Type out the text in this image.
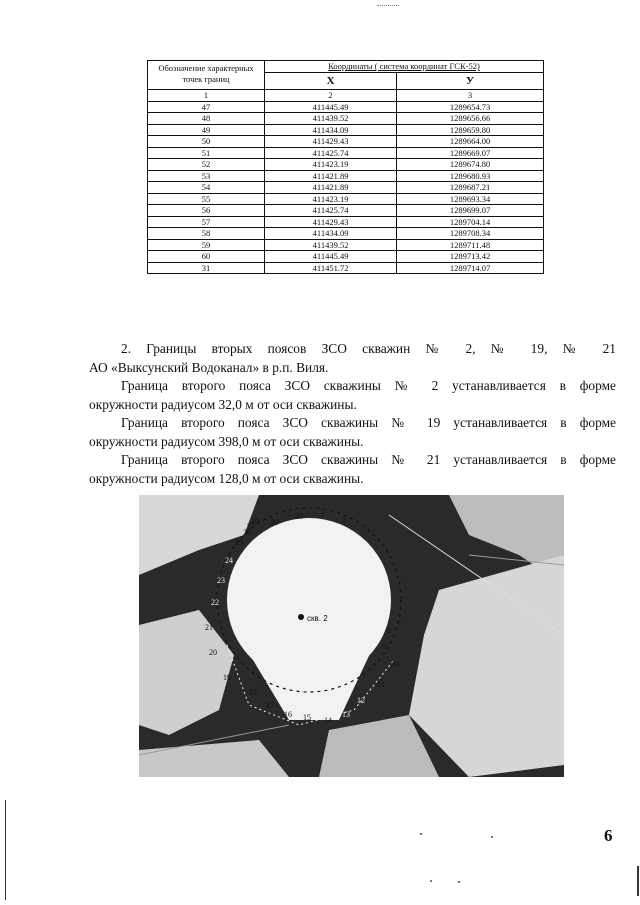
Обозначение характерных точек границ	Координаты ( система координат ГСК-52)	
	X	У
1	2	3
47	411445.49	1289654.73
48	411439.52	1289656.66
49	411434.09	1289659.80
50	411429.43	1289664.00
51	411425.74	1289669.07
52	411423.19	1289674.80
53	411421.89	1289680.93
54	411421.89	1289687.21
55	411423.19	1289693.34
56	411425.74	1289699.07
57	411429.43	1289704.14
58	411434.09	1289708.34
59	411439.52	1289711.48
60	411445.49	1289713.42
31	411451.72	1289714.07

2. Границы вторых поясов ЗСО скважин № 2, № 19, № 21

АО «Выксунский Водоканал» в р.п. Виля.

Граница второго пояса ЗСО скважины № 2 устанавливается в форме

окружности радиусом 32,0 м от оси скважины.

Граница второго пояса ЗСО скважины № 19 устанавливается в форме

окружности радиусом 398,0 м от оси скважины.

Граница второго пояса ЗСО скважины № 21 устанавливается в форме

окружности радиусом 128,0 м от оси скважины.

скв. 2
28 29
30 1
2
3
4
5
6
7
8
9
10
11
12
13
14
15
16
17
18
19
20
21
22
23
24
25
26
27
6
